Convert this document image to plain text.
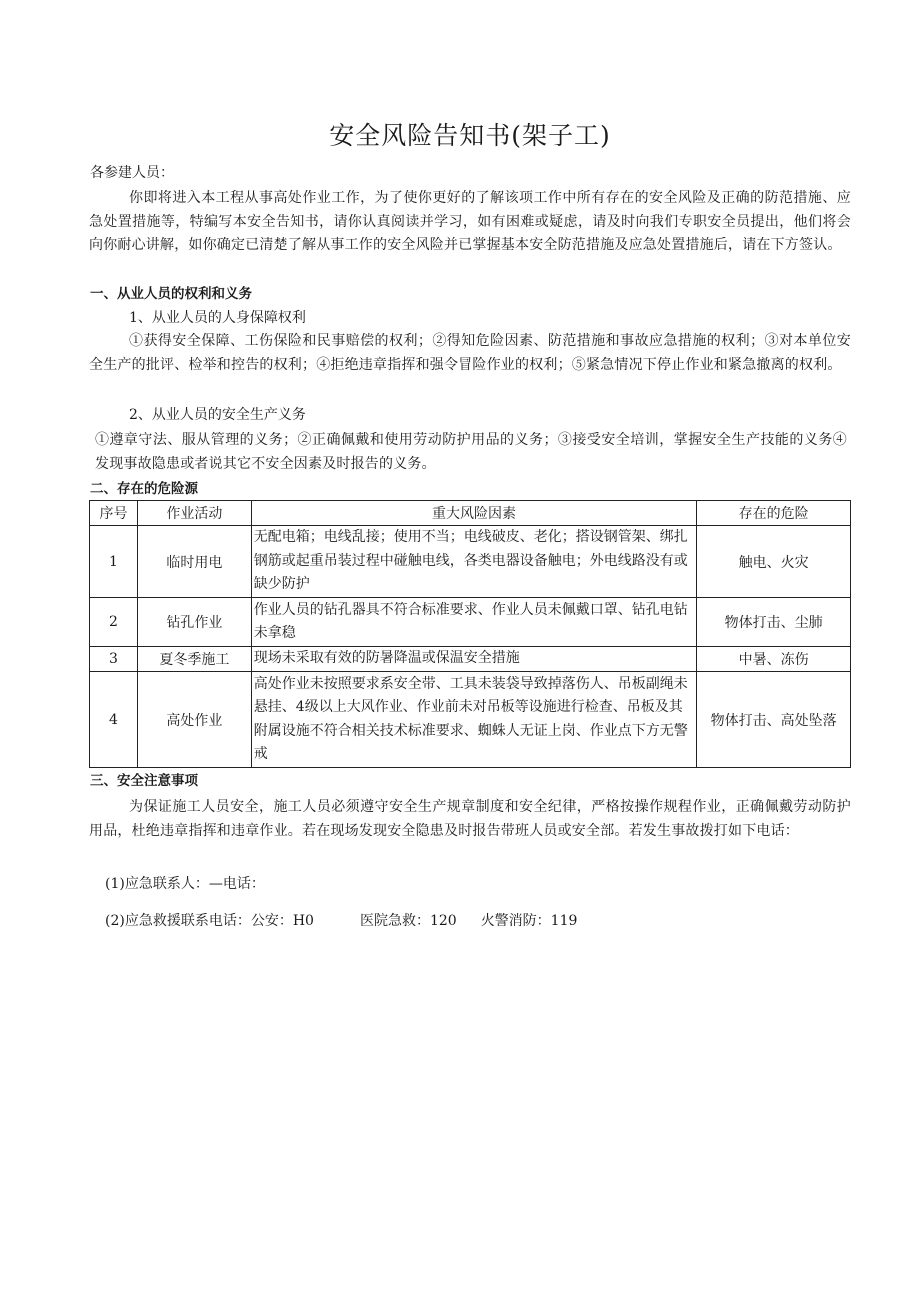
安全风险告知书(架子工)
各参建人员：
你即将进入本工程从事高处作业工作，为了使你更好的了解该项工作中所有存在的安全风险及正确的防范措施、应急处置措施等，特编写本安全告知书，请你认真阅读并学习，如有困难或疑虑，请及时向我们专职安全员提出，他们将会向你耐心讲解，如你确定已清楚了解从事工作的安全风险并已掌握基本安全防范措施及应急处置措施后，请在下方签认。
一、从业人员的权利和义务
1、从业人员的人身保障权利
①获得安全保障、工伤保险和民事赔偿的权利；②得知危险因素、防范措施和事故应急措施的权利；③对本单位安全生产的批评、检举和控告的权利；④拒绝违章指挥和强令冒险作业的权利；⑤紧急情况下停止作业和紧急撤离的权利。
2、从业人员的安全生产义务
①遵章守法、服从管理的义务；②正确佩戴和使用劳动防护用品的义务；③接受安全培训，掌握安全生产技能的义务④发现事故隐患或者说其它不安全因素及时报告的义务。
二、存在的危险源
序号	作业活动	重大风险因素	存在的危险
1	临时用电	无配电箱；电线乱接；使用不当；电线破皮、老化；搭设钢管架、绑扎钢筋或起重吊装过程中碰触电线，各类电器设备触电；外电线路没有或缺少防护	触电、火灾
2	钻孔作业	作业人员的钻孔器具不符合标准要求、作业人员未佩戴口罩、钻孔电钻未拿稳	物体打击、尘肺
3	夏冬季施工	现场未采取有效的防暑降温或保温安全措施	中暑、冻伤
4	高处作业	高处作业未按照要求系安全带、工具未装袋导致掉落伤人、吊板副绳未悬挂、4级以上大风作业、作业前未对吊板等设施进行检查、吊板及其附属设施不符合相关技术标准要求、蜘蛛人无证上岗、作业点下方无警戒	物体打击、高处坠落
三、安全注意事项
为保证施工人员安全，施工人员必须遵守安全生产规章制度和安全纪律，严格按操作规程作业，正确佩戴劳动防护用品，杜绝违章指挥和违章作业。若在现场发现安全隐患及时报告带班人员或安全部。若发生事故拨打如下电话：
(1)应急联系人：—电话：
(2)应急救援联系电话：公安：H0	医院急救：120 火警消防：119
